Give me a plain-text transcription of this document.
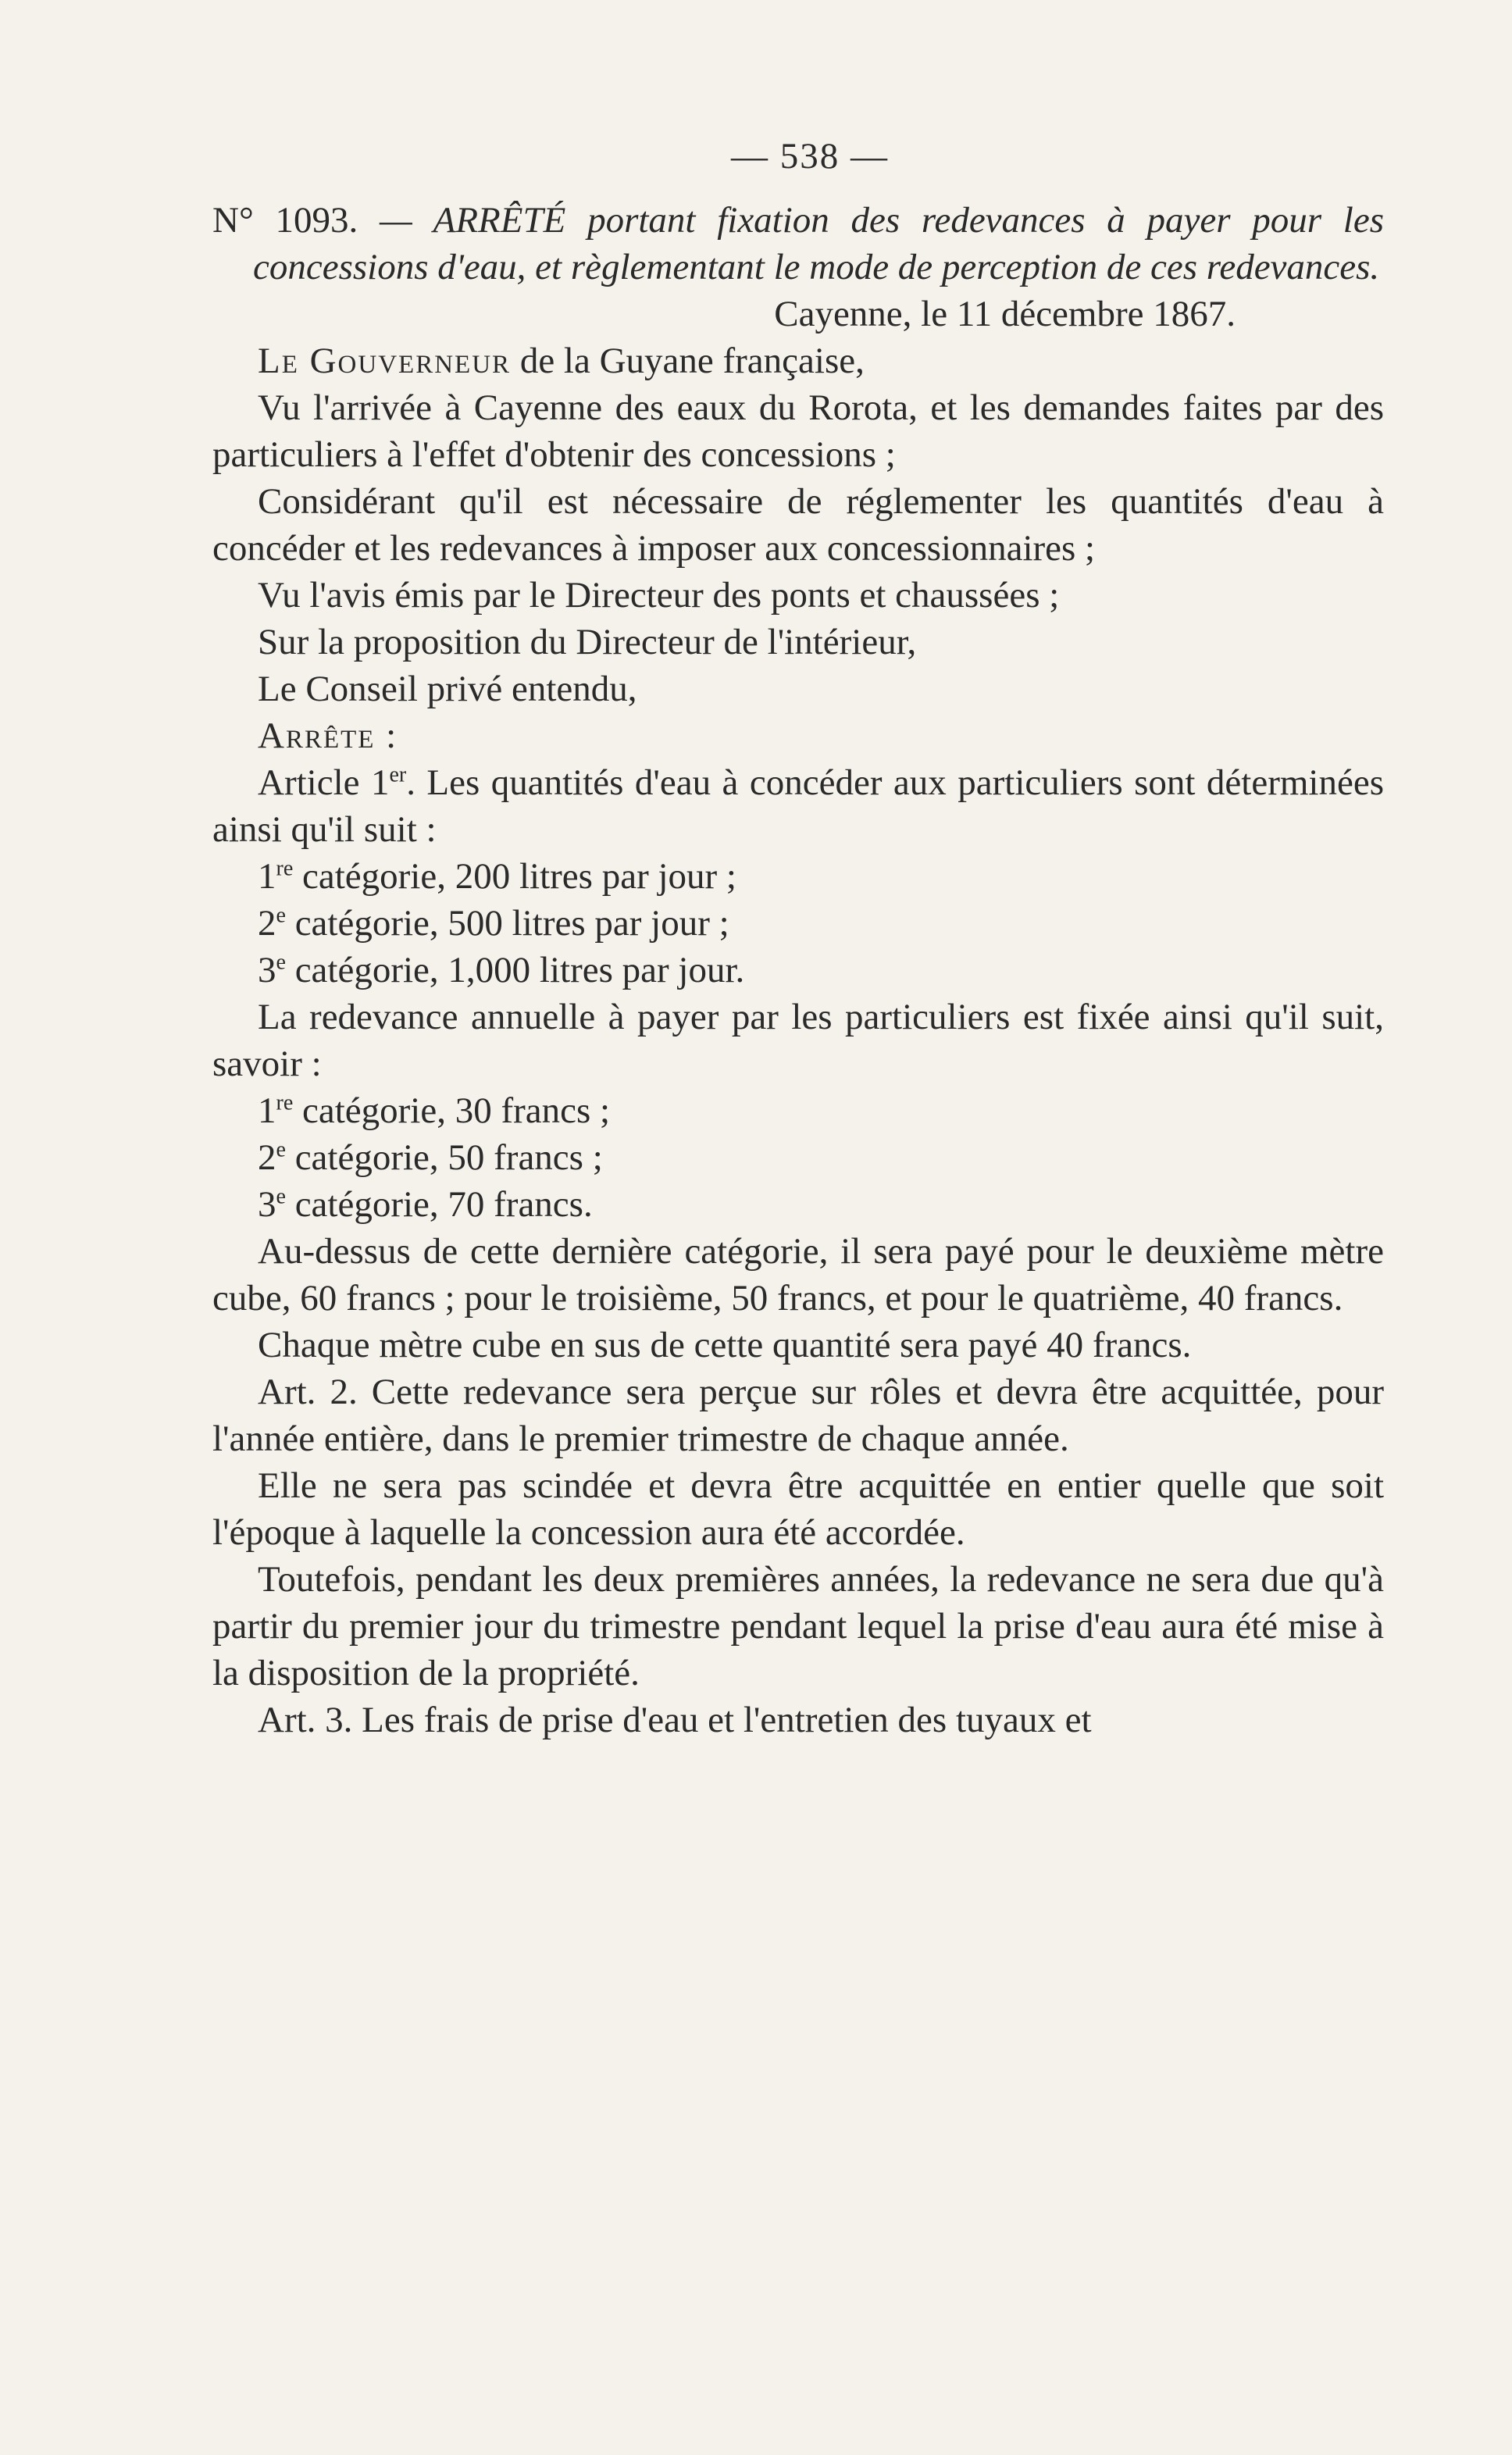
— 538 —
N° 1093. — ARRÊTÉ portant fixation des redevances à payer pour les concessions d'eau, et règlementant le mode de perception de ces redevances.
Cayenne, le 11 décembre 1867.

Le Gouverneur de la Guyane française,

Vu l'arrivée à Cayenne des eaux du Rorota, et les demandes faites par des particuliers à l'effet d'obtenir des concessions ;

Considérant qu'il est nécessaire de réglementer les quantités d'eau à concéder et les redevances à imposer aux concessionnaires ;

Vu l'avis émis par le Directeur des ponts et chaussées ;

Sur la proposition du Directeur de l'intérieur,

Le Conseil privé entendu,

Arrête :

Article 1er. Les quantités d'eau à concéder aux particuliers sont déterminées ainsi qu'il suit :

1re catégorie, 200 litres par jour ;
2e catégorie, 500 litres par jour ;
3e catégorie, 1,000 litres par jour.

La redevance annuelle à payer par les particuliers est fixée ainsi qu'il suit, savoir :

1re catégorie, 30 francs ;
2e catégorie, 50 francs ;
3e catégorie, 70 francs.

Au-dessus de cette dernière catégorie, il sera payé pour le deuxième mètre cube, 60 francs ; pour le troisième, 50 francs, et pour le quatrième, 40 francs.

Chaque mètre cube en sus de cette quantité sera payé 40 francs.

Art. 2. Cette redevance sera perçue sur rôles et devra être acquittée, pour l'année entière, dans le premier trimestre de chaque année.

Elle ne sera pas scindée et devra être acquittée en entier quelle que soit l'époque à laquelle la concession aura été accordée.

Toutefois, pendant les deux premières années, la redevance ne sera due qu'à partir du premier jour du trimestre pendant lequel la prise d'eau aura été mise à la disposition de la propriété.

Art. 3. Les frais de prise d'eau et l'entretien des tuyaux et
